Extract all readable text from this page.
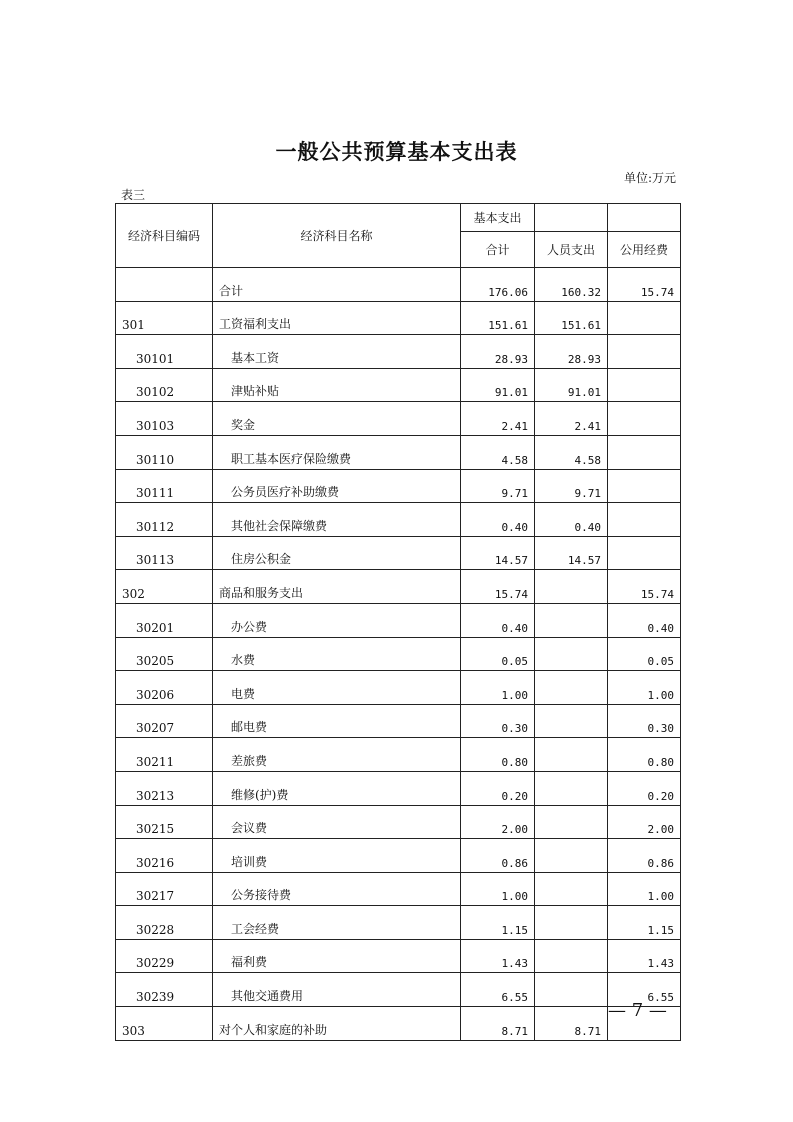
一般公共预算基本支出表
单位:万元
表三
经济科目编码	经济科目名称	基本支出		
		合计	人员支出	公用经费
	合计	176.06	160.32	15.74
301	工资福利支出	151.61	151.61	
30101	基本工资	28.93	28.93	
30102	津贴补贴	91.01	91.01	
30103	奖金	2.41	2.41	
30110	职工基本医疗保险缴费	4.58	4.58	
30111	公务员医疗补助缴费	9.71	9.71	
30112	其他社会保障缴费	0.40	0.40	
30113	住房公积金	14.57	14.57	
302	商品和服务支出	15.74		15.74
30201	办公费	0.40		0.40
30205	水费	0.05		0.05
30206	电费	1.00		1.00
30207	邮电费	0.30		0.30
30211	差旅费	0.80		0.80
30213	维修(护)费	0.20		0.20
30215	会议费	2.00		2.00
30216	培训费	0.86		0.86
30217	公务接待费	1.00		1.00
30228	工会经费	1.15		1.15
30229	福利费	1.43		1.43
30239	其他交通费用	6.55		6.55
303	对个人和家庭的补助	8.71	8.71	
— 7 —
